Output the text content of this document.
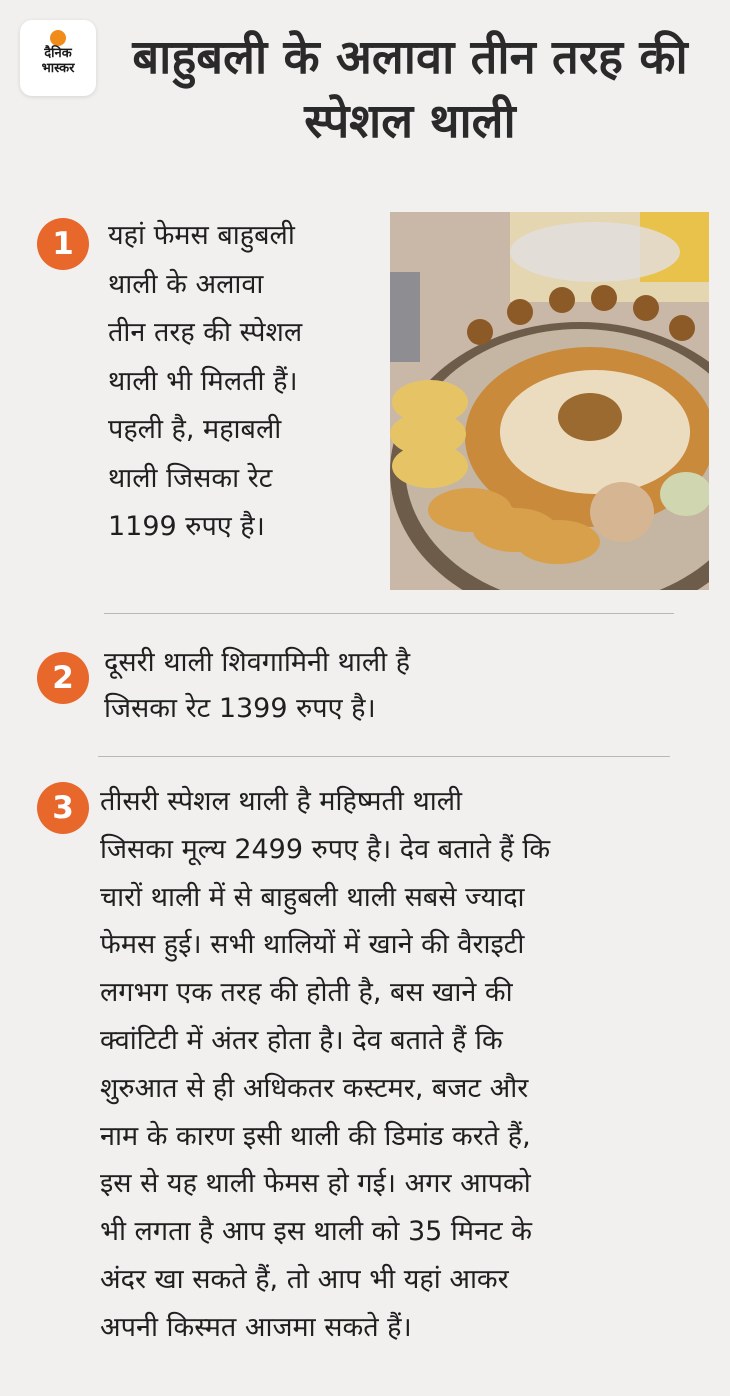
दैनिक
भास्कर	बाहुबली के अलावा तीन तरह की स्पेशल थाली
1	यहां फेमस बाहुबली
थाली के अलावा
तीन तरह की स्पेशल
थाली भी मिलती हैं।
पहली है, महाबली
थाली जिसका रेट
1199 रुपए है।

2	दूसरी थाली शिवगामिनी थाली है
जिसका रेट 1399 रुपए है।

3 तीसरी स्पेशल थाली है महिष्मती थाली
जिसका मूल्य 2499 रुपए है। देव बताते हैं कि
चारों थाली में से बाहुबली थाली सबसे ज्यादा
फेमस हुई। सभी थालियों में खाने की वैराइटी
लगभग एक तरह की होती है, बस खाने की
क्वांटिटी में अंतर होता है। देव बताते हैं कि
शुरुआत से ही अधिकतर कस्टमर, बजट और
नाम के कारण इसी थाली की डिमांड करते हैं,
इस से यह थाली फेमस हो गई। अगर आपको
भी लगता है आप इस थाली को 35 मिनट के
अंदर खा सकते हैं, तो आप भी यहां आकर
अपनी किस्मत आजमा सकते हैं।
